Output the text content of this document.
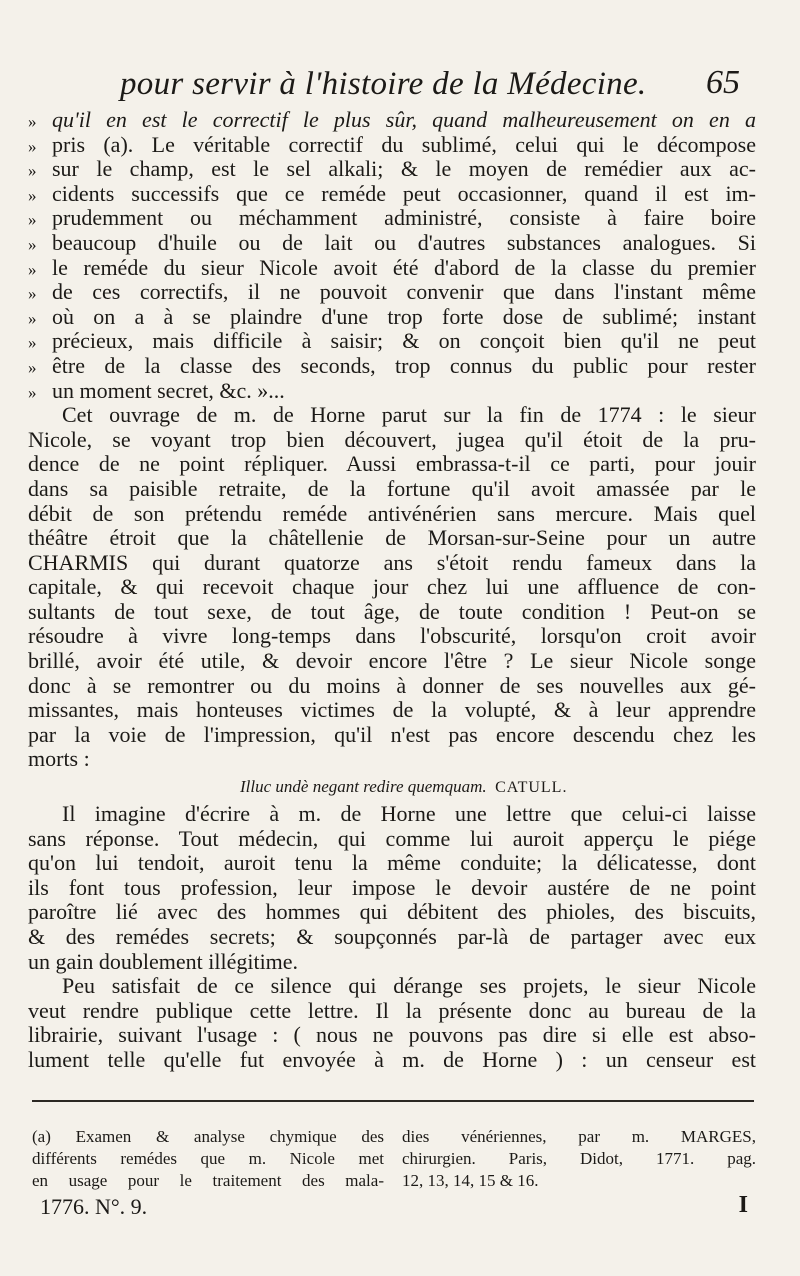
pour servir à l'histoire de la Médecine. 65
» qu'il en est le correctif le plus sûr, quand malheureusement on en a
» pris (a). Le véritable correctif du sublimé, celui qui le décompose
» sur le champ, est le sel alkali; & le moyen de remédier aux ac-
» cidents successifs que ce reméde peut occasionner, quand il est im-
» prudemment ou méchamment administré, consiste à faire boire
» beaucoup d'huile ou de lait ou d'autres substances analogues. Si
» le reméde du sieur Nicole avoit été d'abord de la classe du premier
» de ces correctifs, il ne pouvoit convenir que dans l'instant même
» où on a à se plaindre d'une trop forte dose de sublimé; instant
» précieux, mais difficile à saisir; & on conçoit bien qu'il ne peut
» être de la classe des seconds, trop connus du public pour rester
» un moment secret, &c. »...
Cet ouvrage de m. de Horne parut sur la fin de 1774 : le sieur
Nicole, se voyant trop bien découvert, jugea qu'il étoit de la pru-
dence de ne point répliquer. Aussi embrassa-t-il ce parti, pour jouir
dans sa paisible retraite, de la fortune qu'il avoit amassée par le
débit de son prétendu reméde antivénérien sans mercure. Mais quel
théâtre étroit que la châtellenie de Morsan-sur-Seine pour un autre
CHARMIS qui durant quatorze ans s'étoit rendu fameux dans la
capitale, & qui recevoit chaque jour chez lui une affluence de con-
sultants de tout sexe, de tout âge, de toute condition ! Peut-on se
résoudre à vivre long-temps dans l'obscurité, lorsqu'on croit avoir
brillé, avoir été utile, & devoir encore l'être ? Le sieur Nicole songe
donc à se remontrer ou du moins à donner de ses nouvelles aux gé-
missantes, mais honteuses victimes de la volupté, & à leur apprendre
par la voie de l'impression, qu'il n'est pas encore descendu chez les
morts :
Illuc undè negant redire quemquam. CATULL.
Il imagine d'écrire à m. de Horne une lettre que celui-ci laisse
sans réponse. Tout médecin, qui comme lui auroit apperçu le piége
qu'on lui tendoit, auroit tenu la même conduite; la délicatesse, dont
ils font tous profession, leur impose le devoir austére de ne point
paroître lié avec des hommes qui débitent des phioles, des biscuits,
& des remédes secrets; & soupçonnés par-là de partager avec eux
un gain doublement illégitime.
Peu satisfait de ce silence qui dérange ses projets, le sieur Nicole
veut rendre publique cette lettre. Il la présente donc au bureau de la
librairie, suivant l'usage : ( nous ne pouvons pas dire si elle est abso-
lument telle qu'elle fut envoyée à m. de Horne ) : un censeur est
(a) Examen & analyse chymique des
différents remédes que m. Nicole met
en usage pour le traitement des mala-
dies vénériennes, par m. MARGES,
chirurgien. Paris, Didot, 1771. pag.
12, 13, 14, 15 & 16.
1776. N°. 9.	I
